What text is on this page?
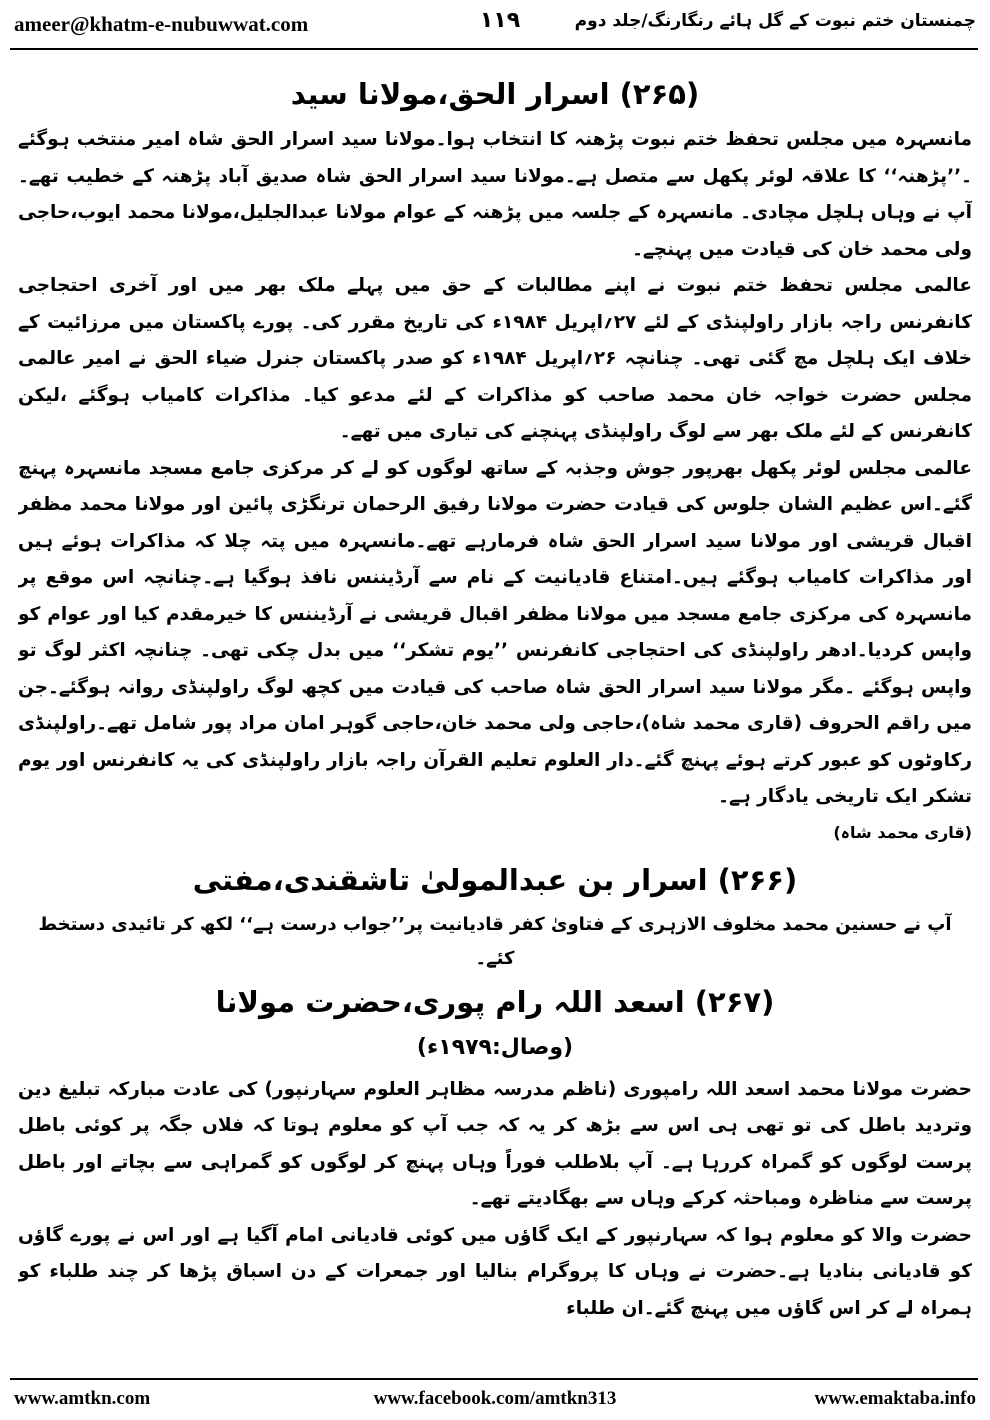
ameer@khatm-e-nubuwwat.com	۱۱۹	چمنستان ختم نبوت کے گل ہائے رنگارنگ/جلد دوم
(۲۶۵) اسرار الحق،مولانا سید

مانسہرہ میں مجلس تحفظ ختم نبوت پڑھنہ کا انتخاب ہوا۔مولانا سید اسرار الحق شاہ امیر منتخب ہوگئے ۔’’پڑھنہ‘‘ کا علاقہ لوئر پکھل سے متصل ہے۔مولانا سید اسرار الحق شاہ صدیق آباد پڑھنہ کے خطیب تھے۔ آپ نے وہاں ہلچل مچادی۔ مانسہرہ کے جلسہ میں پڑھنہ کے عوام مولانا عبدالجلیل،مولانا محمد ایوب،حاجی ولی محمد خان کی قیادت میں پہنچے۔

عالمی مجلس تحفظ ختم نبوت نے اپنے مطالبات کے حق میں پہلے ملک بھر میں اور آخری احتجاجی کانفرنس راجہ بازار راولپنڈی کے لئے ۲۷؍اپریل ۱۹۸۴ء کی تاریخ مقرر کی۔ پورے پاکستان میں مرزائیت کے خلاف ایک ہلچل مچ گئی تھی۔ چنانچہ ۲۶؍اپریل ۱۹۸۴ء کو صدر پاکستان جنرل ضیاء الحق نے امیر عالمی مجلس حضرت خواجہ خان محمد صاحب کو مذاکرات کے لئے مدعو کیا۔ مذاکرات کامیاب ہوگئے ،لیکن کانفرنس کے لئے ملک بھر سے لوگ راولپنڈی پہنچنے کی تیاری میں تھے۔

عالمی مجلس لوئر پکھل بھرپور جوش وجذبہ کے ساتھ لوگوں کو لے کر مرکزی جامع مسجد مانسہرہ پہنچ گئے۔اس عظیم الشان جلوس کی قیادت حضرت مولانا رفیق الرحمان ترنگڑی پائین اور مولانا محمد مظفر اقبال قریشی اور مولانا سید اسرار الحق شاہ فرمارہے تھے۔مانسہرہ میں پتہ چلا کہ مذاکرات ہوئے ہیں اور مذاکرات کامیاب ہوگئے ہیں۔امتناع قادیانیت کے نام سے آرڈیننس نافذ ہوگیا ہے۔چنانچہ اس موقع پر مانسہرہ کی مرکزی جامع مسجد میں مولانا مظفر اقبال قریشی نے آرڈیننس کا خیرمقدم کیا اور عوام کو واپس کردیا۔ادھر راولپنڈی کی احتجاجی کانفرنس ’’یوم تشکر‘‘ میں بدل چکی تھی۔ چنانچہ اکثر لوگ تو واپس ہوگئے ۔مگر مولانا سید اسرار الحق شاہ صاحب کی قیادت میں کچھ لوگ راولپنڈی روانہ ہوگئے۔جن میں راقم الحروف (قاری محمد شاہ)،حاجی ولی محمد خان،حاجی گوہر امان مراد پور شامل تھے۔راولپنڈی رکاوٹوں کو عبور کرتے ہوئے پہنچ گئے۔دار العلوم تعلیم القرآن راجہ بازار راولپنڈی کی یہ کانفرنس اور یوم تشکر ایک تاریخی یادگار ہے۔

(قاری محمد شاہ)
(۲۶۶) اسرار بن عبدالمولیٰ تاشقندی،مفتی
آپ نے حسنین محمد مخلوف الازہری کے فتاویٰ کفر قادیانیت پر’’جواب درست ہے‘‘ لکھ کر تائیدی دستخط کئے۔
(۲۶۷) اسعد اللہ رام پوری،حضرت مولانا
(وصال:۱۹۷۹ء)

حضرت مولانا محمد اسعد اللہ رامپوری (ناظم مدرسہ مظاہر العلوم سہارنپور) کی عادت مبارکہ تبلیغ دین وتردید باطل کی تو تھی ہی اس سے بڑھ کر یہ کہ جب آپ کو معلوم ہوتا کہ فلاں جگہ پر کوئی باطل پرست لوگوں کو گمراہ کررہا ہے۔ آپ بلاطلب فوراً وہاں پہنچ کر لوگوں کو گمراہی سے بچاتے اور باطل پرست سے مناظرہ ومباحثہ کرکے وہاں سے بھگادیتے تھے۔

حضرت والا کو معلوم ہوا کہ سہارنپور کے ایک گاؤں میں کوئی قادیانی امام آگیا ہے اور اس نے پورے گاؤں کو قادیانی بنادیا ہے۔حضرت نے وہاں کا پروگرام بنالیا اور جمعرات کے دن اسباق پڑھا کر چند طلباء کو ہمراہ لے کر اس گاؤں میں پہنچ گئے۔ان طلباء

www.amtkn.com	www.facebook.com/amtkn313	www.emaktaba.info
